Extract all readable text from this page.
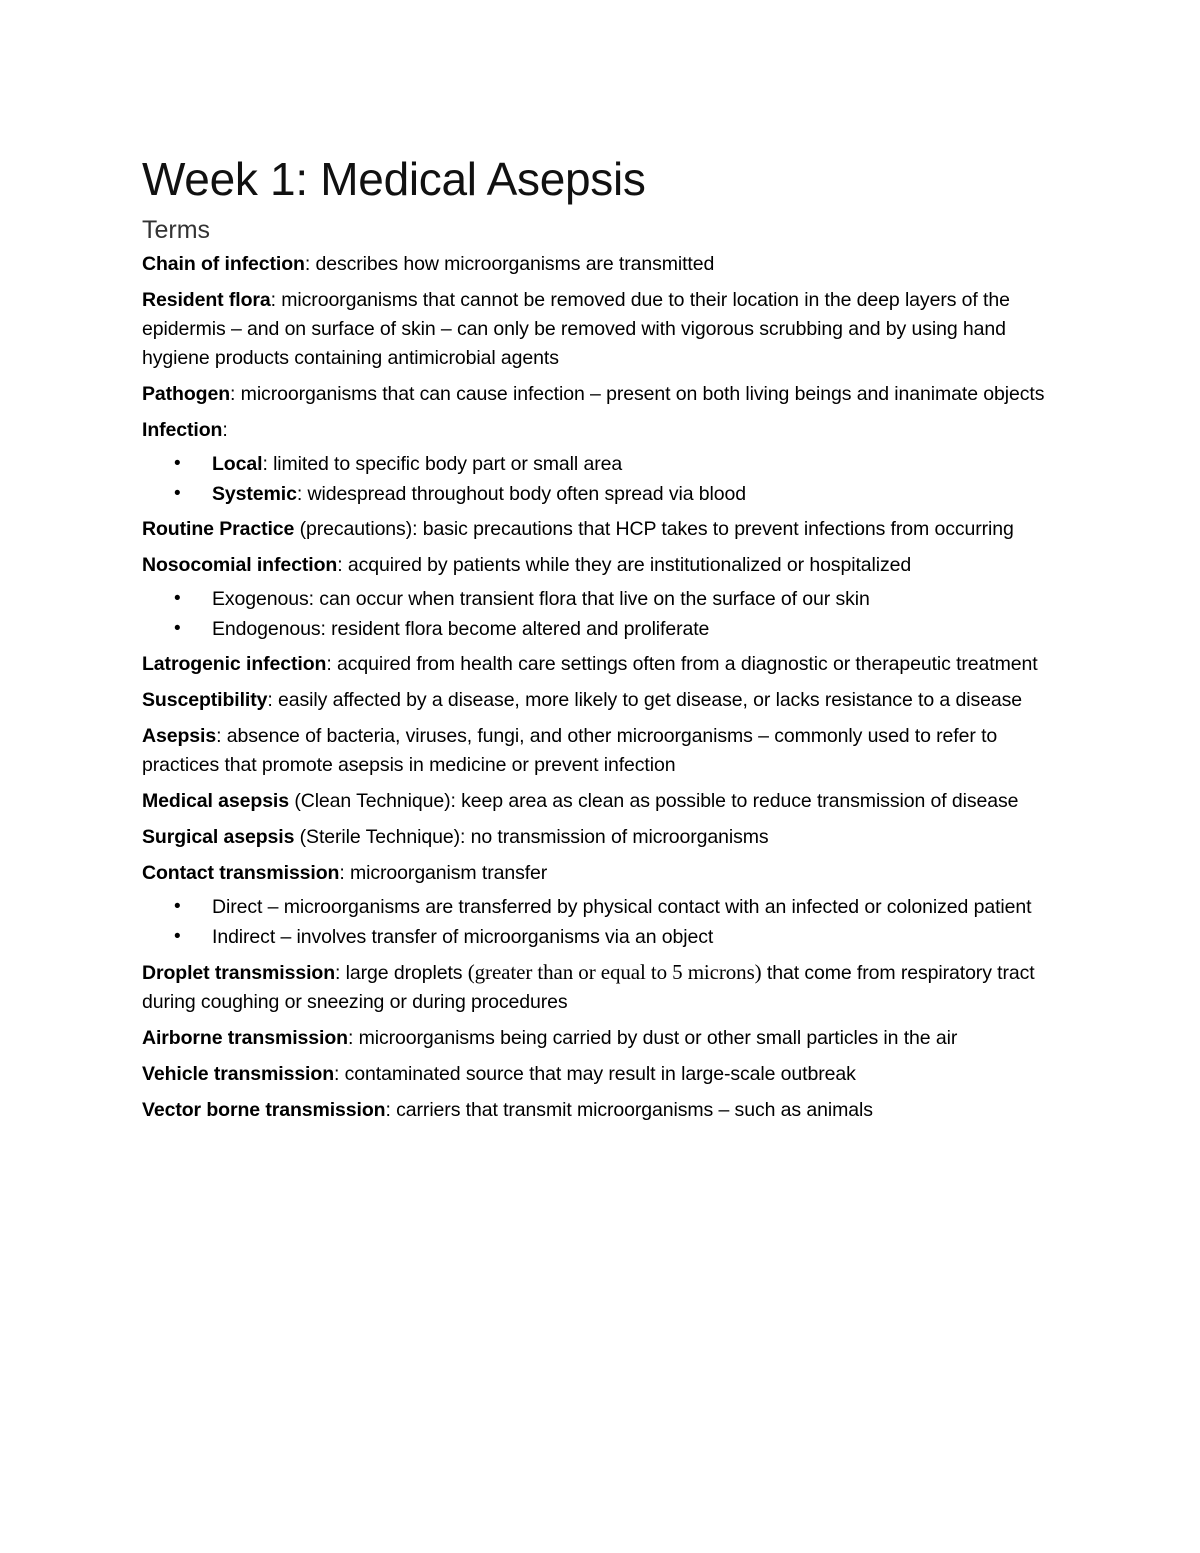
Week 1: Medical Asepsis
Terms

Chain of infection: describes how microorganisms are transmitted

Resident flora: microorganisms that cannot be removed due to their location in the deep layers of the epidermis – and on surface of skin – can only be removed with vigorous scrubbing and by using hand hygiene products containing antimicrobial agents

Pathogen: microorganisms that can cause infection – present on both living beings and inanimate objects

Infection:

• Local: limited to specific body part or small area
• Systemic: widespread throughout body often spread via blood

Routine Practice (precautions): basic precautions that HCP takes to prevent infections from occurring

Nosocomial infection: acquired by patients while they are institutionalized or hospitalized

• Exogenous: can occur when transient flora that live on the surface of our skin
• Endogenous: resident flora become altered and proliferate

Latrogenic infection: acquired from health care settings often from a diagnostic or therapeutic treatment

Susceptibility: easily affected by a disease, more likely to get disease, or lacks resistance to a disease

Asepsis: absence of bacteria, viruses, fungi, and other microorganisms – commonly used to refer to practices that promote asepsis in medicine or prevent infection

Medical asepsis (Clean Technique): keep area as clean as possible to reduce transmission of disease

Surgical asepsis (Sterile Technique): no transmission of microorganisms

Contact transmission: microorganism transfer

• Direct – microorganisms are transferred by physical contact with an infected or colonized patient
• Indirect – involves transfer of microorganisms via an object

Droplet transmission: large droplets (greater than or equal to 5 microns) that come from respiratory tract during coughing or sneezing or during procedures

Airborne transmission: microorganisms being carried by dust or other small particles in the air

Vehicle transmission: contaminated source that may result in large-scale outbreak

Vector borne transmission: carriers that transmit microorganisms – such as animals
